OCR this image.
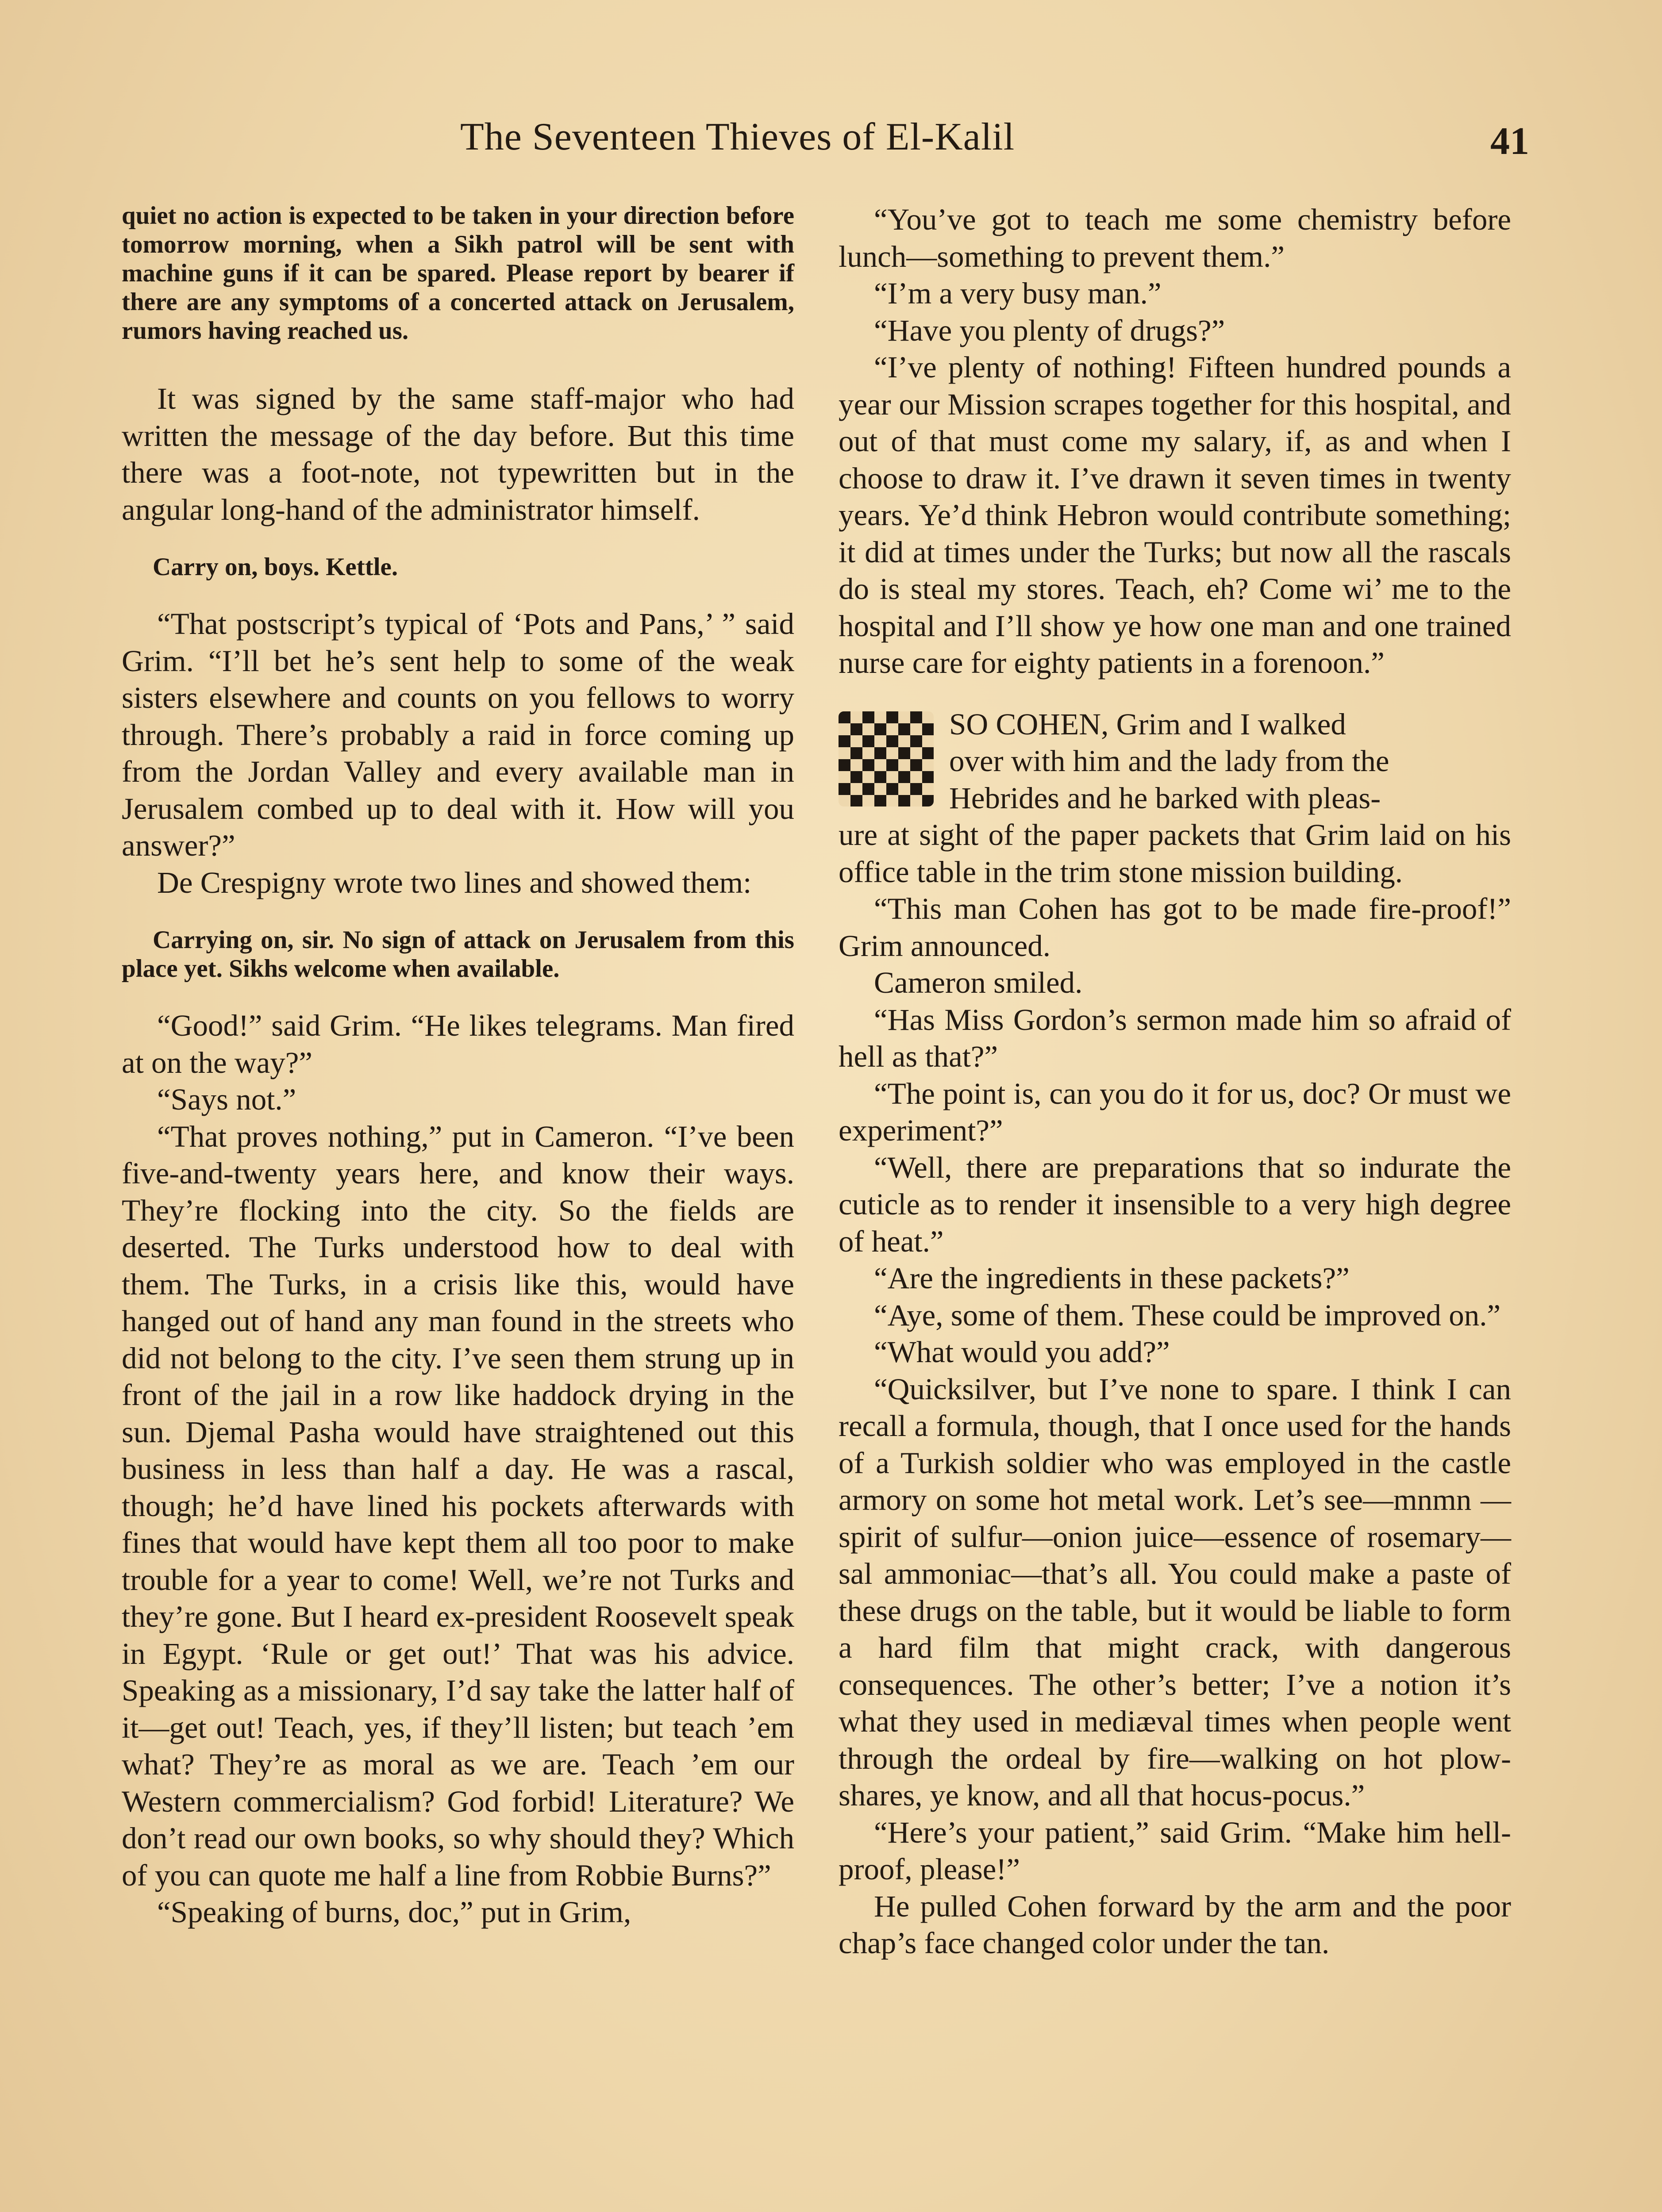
The Seventeen Thieves of El-Kalil	41

quiet no action is expected to be taken in your direction before tomorrow morning, when a Sikh patrol will be sent with machine guns if it can be spared. Please report by bearer if there are any symptoms of a concerted attack on Jerusalem, rumors having reached us.

It was signed by the same staff-major who had written the message of the day before. But this time there was a foot-note, not typewritten but in the angular long-hand of the administrator himself.

Carry on, boys. Kettle.

“That postscript’s typical of ‘Pots and Pans,’ ” said Grim. “I’ll bet he’s sent help to some of the weak sisters elsewhere and counts on you fellows to worry through. There’s probably a raid in force coming up from the Jordan Valley and every available man in Jerusalem combed up to deal with it. How will you answer?”

De Crespigny wrote two lines and showed them:

Carrying on, sir. No sign of attack on Jerusalem from this place yet. Sikhs welcome when available.

“Good!” said Grim. “He likes telegrams. Man fired at on the way?”

“Says not.”

“That proves nothing,” put in Cameron. “I’ve been five-and-twenty years here, and know their ways. They’re flocking into the city. So the fields are deserted. The Turks understood how to deal with them. The Turks, in a crisis like this, would have hanged out of hand any man found in the streets who did not belong to the city. I’ve seen them strung up in front of the jail in a row like haddock drying in the sun. Djemal Pasha would have straightened out this business in less than half a day. He was a rascal, though; he’d have lined his pockets afterwards with fines that would have kept them all too poor to make trouble for a year to come! Well, we’re not Turks and they’re gone. But I heard ex-president Roosevelt speak in Egypt. ‘Rule or get out!’ That was his advice. Speaking as a missionary, I’d say take the latter half of it—get out! Teach, yes, if they’ll listen; but teach ’em what? They’re as moral as we are. Teach ’em our Western commercialism? God forbid! Literature? We don’t read our own books, so why should they? Which of you can quote me half a line from Robbie Burns?”

“Speaking of burns, doc,” put in Grim,

“You’ve got to teach me some chemistry before lunch—something to prevent them.”

“I’m a very busy man.”

“Have you plenty of drugs?”

“I’ve plenty of nothing! Fifteen hundred pounds a year our Mission scrapes together for this hospital, and out of that must come my salary, if, as and when I choose to draw it. I’ve drawn it seven times in twenty years. Ye’d think Hebron would contribute something; it did at times under the Turks; but now all the rascals do is steal my stores. Teach, eh? Come wi’ me to the hospital and I’ll show ye how one man and one trained nurse care for eighty patients in a forenoon.”

SO COHEN, Grim and I walked

over with him and the lady from the

Hebrides and he barked with pleas-

ure at sight of the paper packets that Grim laid on his office table in the trim stone mission building.

“This man Cohen has got to be made fire-proof!” Grim announced.

Cameron smiled.

“Has Miss Gordon’s sermon made him so afraid of hell as that?”

“The point is, can you do it for us, doc? Or must we experiment?”

“Well, there are preparations that so indurate the cuticle as to render it insensible to a very high degree of heat.”

“Are the ingredients in these packets?”

“Aye, some of them. These could be improved on.”

“What would you add?”

“Quicksilver, but I’ve none to spare. I think I can recall a formula, though, that I once used for the hands of a Turkish soldier who was employed in the castle armory on some hot metal work. Let’s see—mnmn —spirit of sulfur—onion juice—essence of rosemary—sal ammoniac—that’s all. You could make a paste of these drugs on the table, but it would be liable to form a hard film that might crack, with dangerous consequences. The other’s better; I’ve a notion it’s what they used in mediæval times when people went through the ordeal by fire—walking on hot plow-shares, ye know, and all that hocus-pocus.”

“Here’s your patient,” said Grim. “Make him hell-proof, please!”

He pulled Cohen forward by the arm and the poor chap’s face changed color under the tan.
